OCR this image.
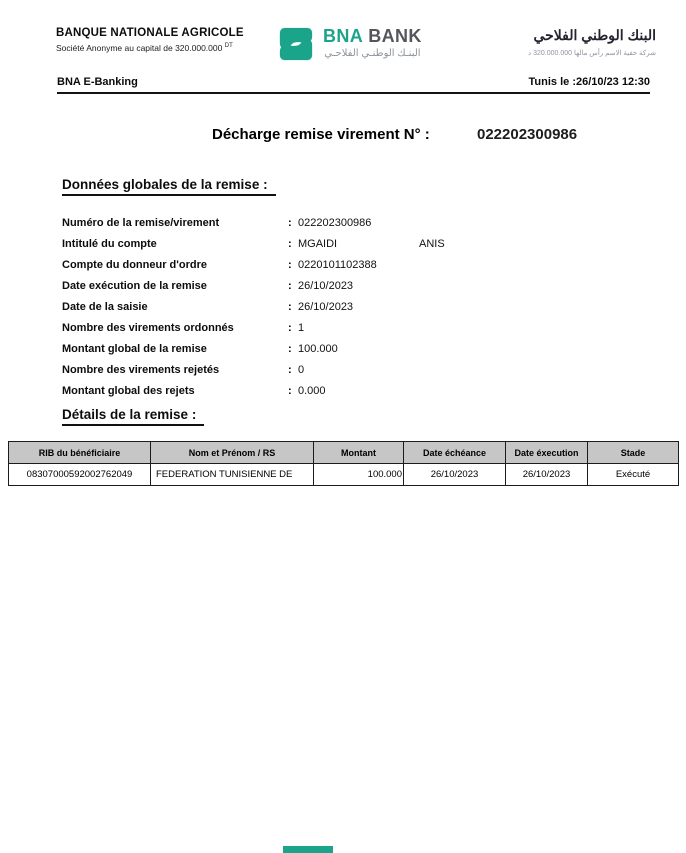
BANQUE NATIONALE AGRICOLE
Société Anonyme au capital de 320.000.000 $^{DT}$
BNA BANK
البنـك الوطنـي الفلاحـي
البنك الوطني الفلاحي
شركة خفية الاسم رأس مالها 320.000.000 د
BNA E-Banking	Tunis le :26/10/23 12:30
Décharge remise virement N° :	022202300986
Données globales de la remise :
Numéro de la remise/virement	: 022202300986
Intitulé du compte	: MGAIDI	ANIS
Compte du donneur d'ordre	: 0220101102388
Date exécution de la remise	: 26/10/2023
Date de la saisie	: 26/10/2023
Nombre des virements ordonnés	: 1
Montant global de la remise	: 100.000
Nombre des virements rejetés	: 0
Montant global des rejets	: 0.000
Détails de la remise :
RIB du bénéficiaire	Nom et Prénom / RS	Montant	Date échéance	Date éxecution	Stade
08307000592002762049	FEDERATION TUNISIENNE DE	100.000	26/10/2023	26/10/2023	Exécuté
